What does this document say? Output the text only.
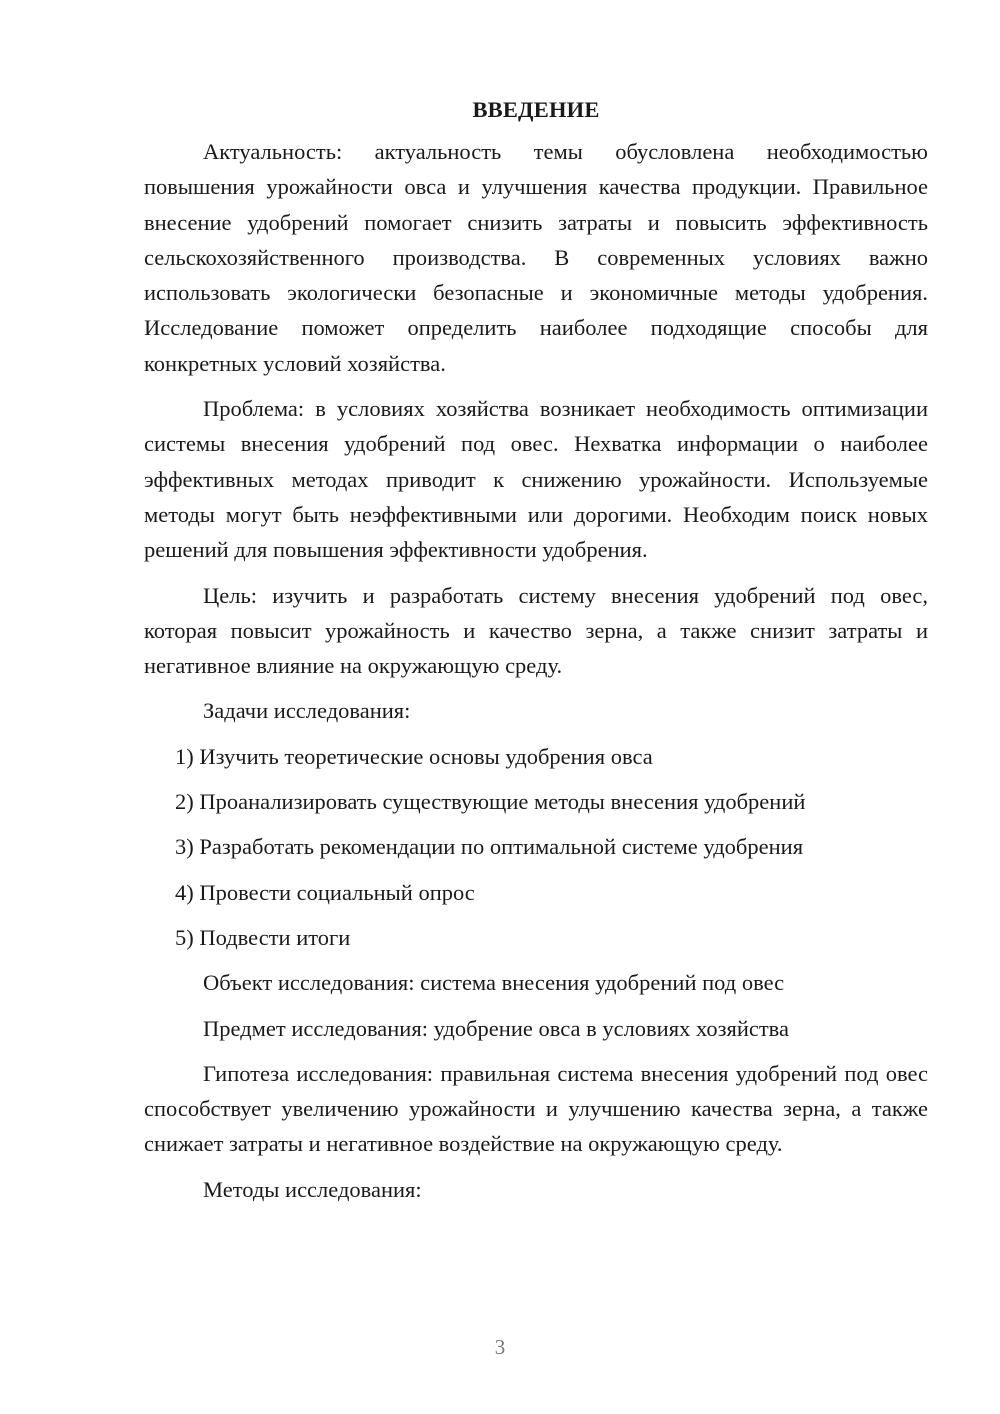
ВВЕДЕНИЕ

Актуальность: актуальность темы обусловлена необходимостью повышения урожайности овса и улучшения качества продукции. Правильное внесение удобрений помогает снизить затраты и повысить эффективность сельскохозяйственного производства. В современных условиях важно использовать экологически безопасные и экономичные методы удобрения. Исследование поможет определить наиболее подходящие способы для конкретных условий хозяйства.

Проблема: в условиях хозяйства возникает необходимость оптимизации системы внесения удобрений под овес. Нехватка информации о наиболее эффективных методах приводит к снижению урожайности. Используемые методы могут быть неэффективными или дорогими. Необходим поиск новых решений для повышения эффективности удобрения.

Цель: изучить и разработать систему внесения удобрений под овес, которая повысит урожайность и качество зерна, а также снизит затраты и негативное влияние на окружающую среду.

Задачи исследования:

1) Изучить теоретические основы удобрения овса
2) Проанализировать существующие методы внесения удобрений
3) Разработать рекомендации по оптимальной системе удобрения
4) Провести социальный опрос
5) Подвести итоги

Объект исследования: система внесения удобрений под овес

Предмет исследования: удобрение овса в условиях хозяйства

Гипотеза исследования: правильная система внесения удобрений под овес способствует увеличению урожайности и улучшению качества зерна, а также снижает затраты и негативное воздействие на окружающую среду.

Методы исследования:

3
